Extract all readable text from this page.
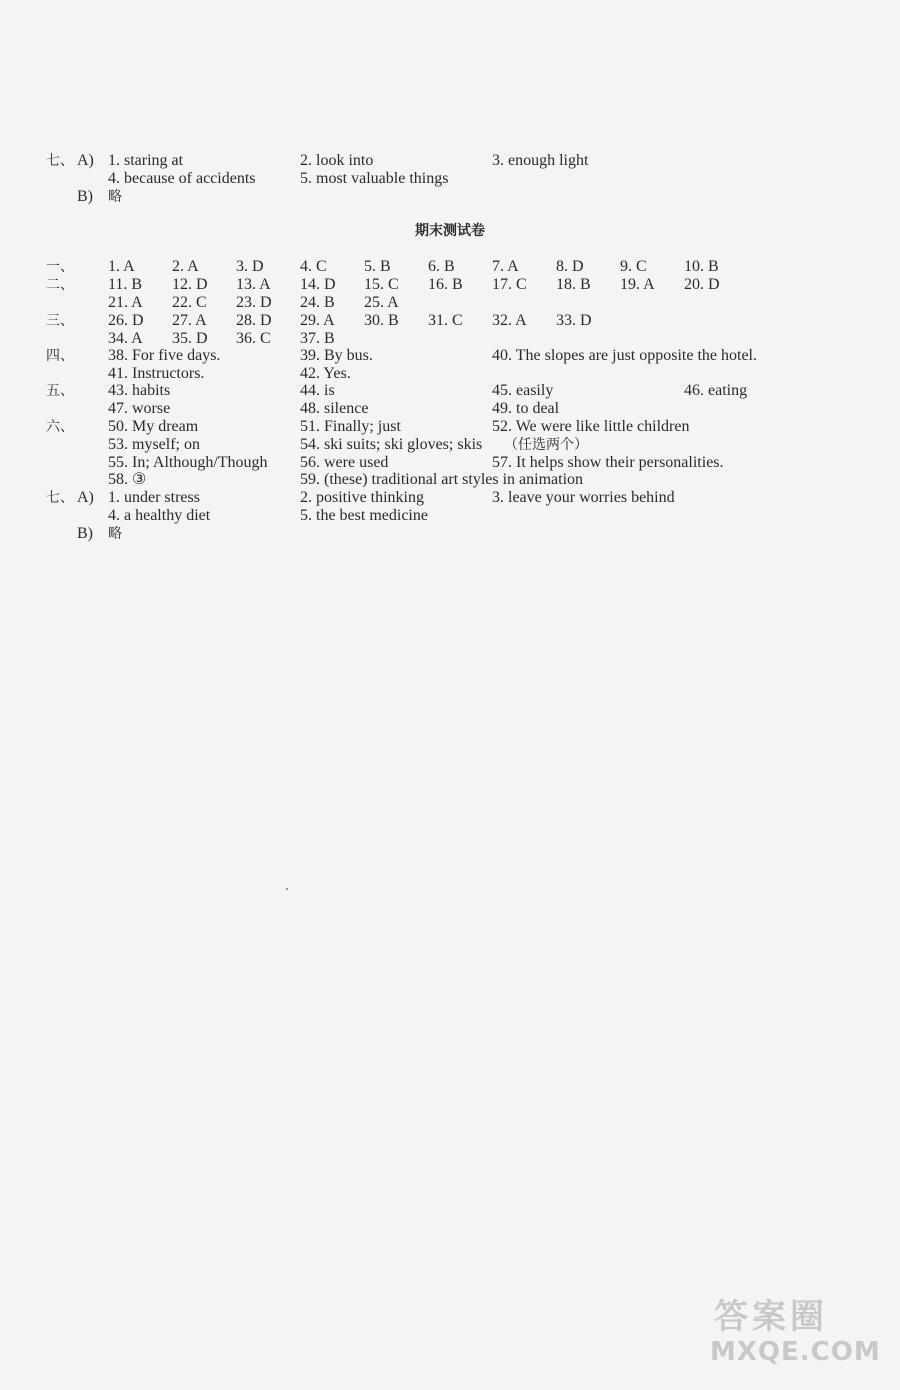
七、 A) 1. staring at	2. look into	3. enough light
4. because of accidents	5. most valuable things
B) 略
期末测试卷
一、 1. A 2. A 3. D 4. C 5. B 6. B 7. A 8. D 9. C 10. B
二、 11. B 12. D 13. A 14. D 15. C 16. B 17. C 18. B 19. A 20. D
21. A 22. C 23. D 24. B 25. A
三、 26. D 27. A 28. D 29. A 30. B 31. C 32. A 33. D
34. A 35. D 36. C 37. B
四、 38. For five days.	39. By bus.	40. The slopes are just opposite the hotel.
41. Instructors.	42. Yes.
五、 43. habits	44. is	45. easily	46. eating
47. worse	48. silence	49. to deal
六、 50. My dream	51. Finally; just	52. We were like little children
53. myself; on	54. ski suits; ski gloves; skis （任选两个）
55. In; Although/Though 56. were used	57. It helps show their personalities.
58. ③	59. (these) traditional art styles in animation
七、 A) 1. under stress	2. positive thinking	3. leave your worries behind
4. a healthy diet	5. the best medicine
B) 略
答案圈
MXQE.COM
